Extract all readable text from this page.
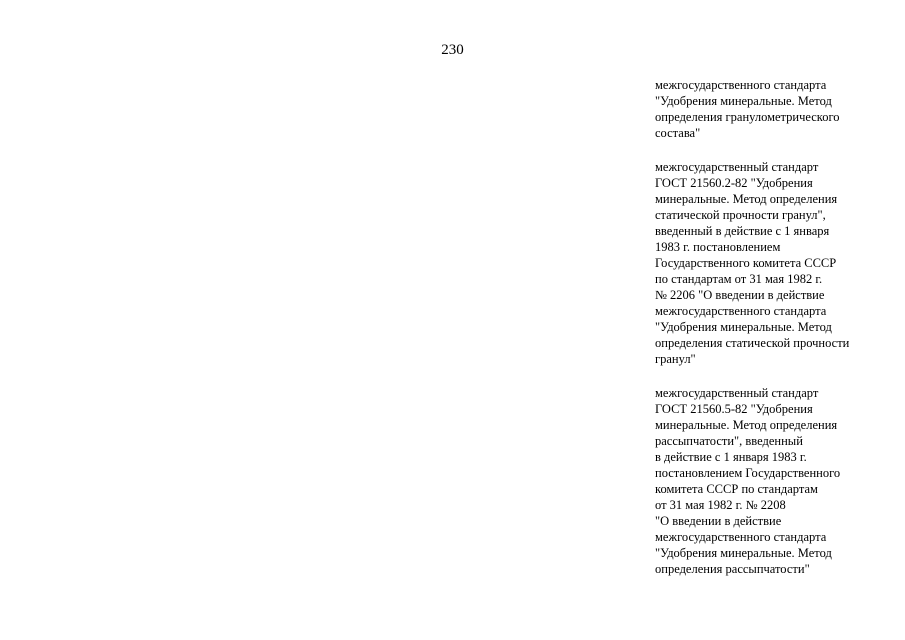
230
межгосударственного стандарта
"Удобрения минеральные. Метод
определения гранулометрического
состава"
межгосударственный стандарт
ГОСТ 21560.2-82 "Удобрения
минеральные. Метод определения
статической прочности гранул",
введенный в действие с 1 января
1983 г. постановлением
Государственного комитета СССР
по стандартам от 31 мая 1982 г.
№ 2206 "О введении в действие
межгосударственного стандарта
"Удобрения минеральные. Метод
определения статической прочности
гранул"
межгосударственный стандарт
ГОСТ 21560.5-82 "Удобрения
минеральные. Метод определения
рассыпчатости", введенный
в действие с 1 января 1983 г.
постановлением Государственного
комитета СССР по стандартам
от 31 мая 1982 г. № 2208
"О введении в действие
межгосударственного стандарта
"Удобрения минеральные. Метод
определения рассыпчатости"
